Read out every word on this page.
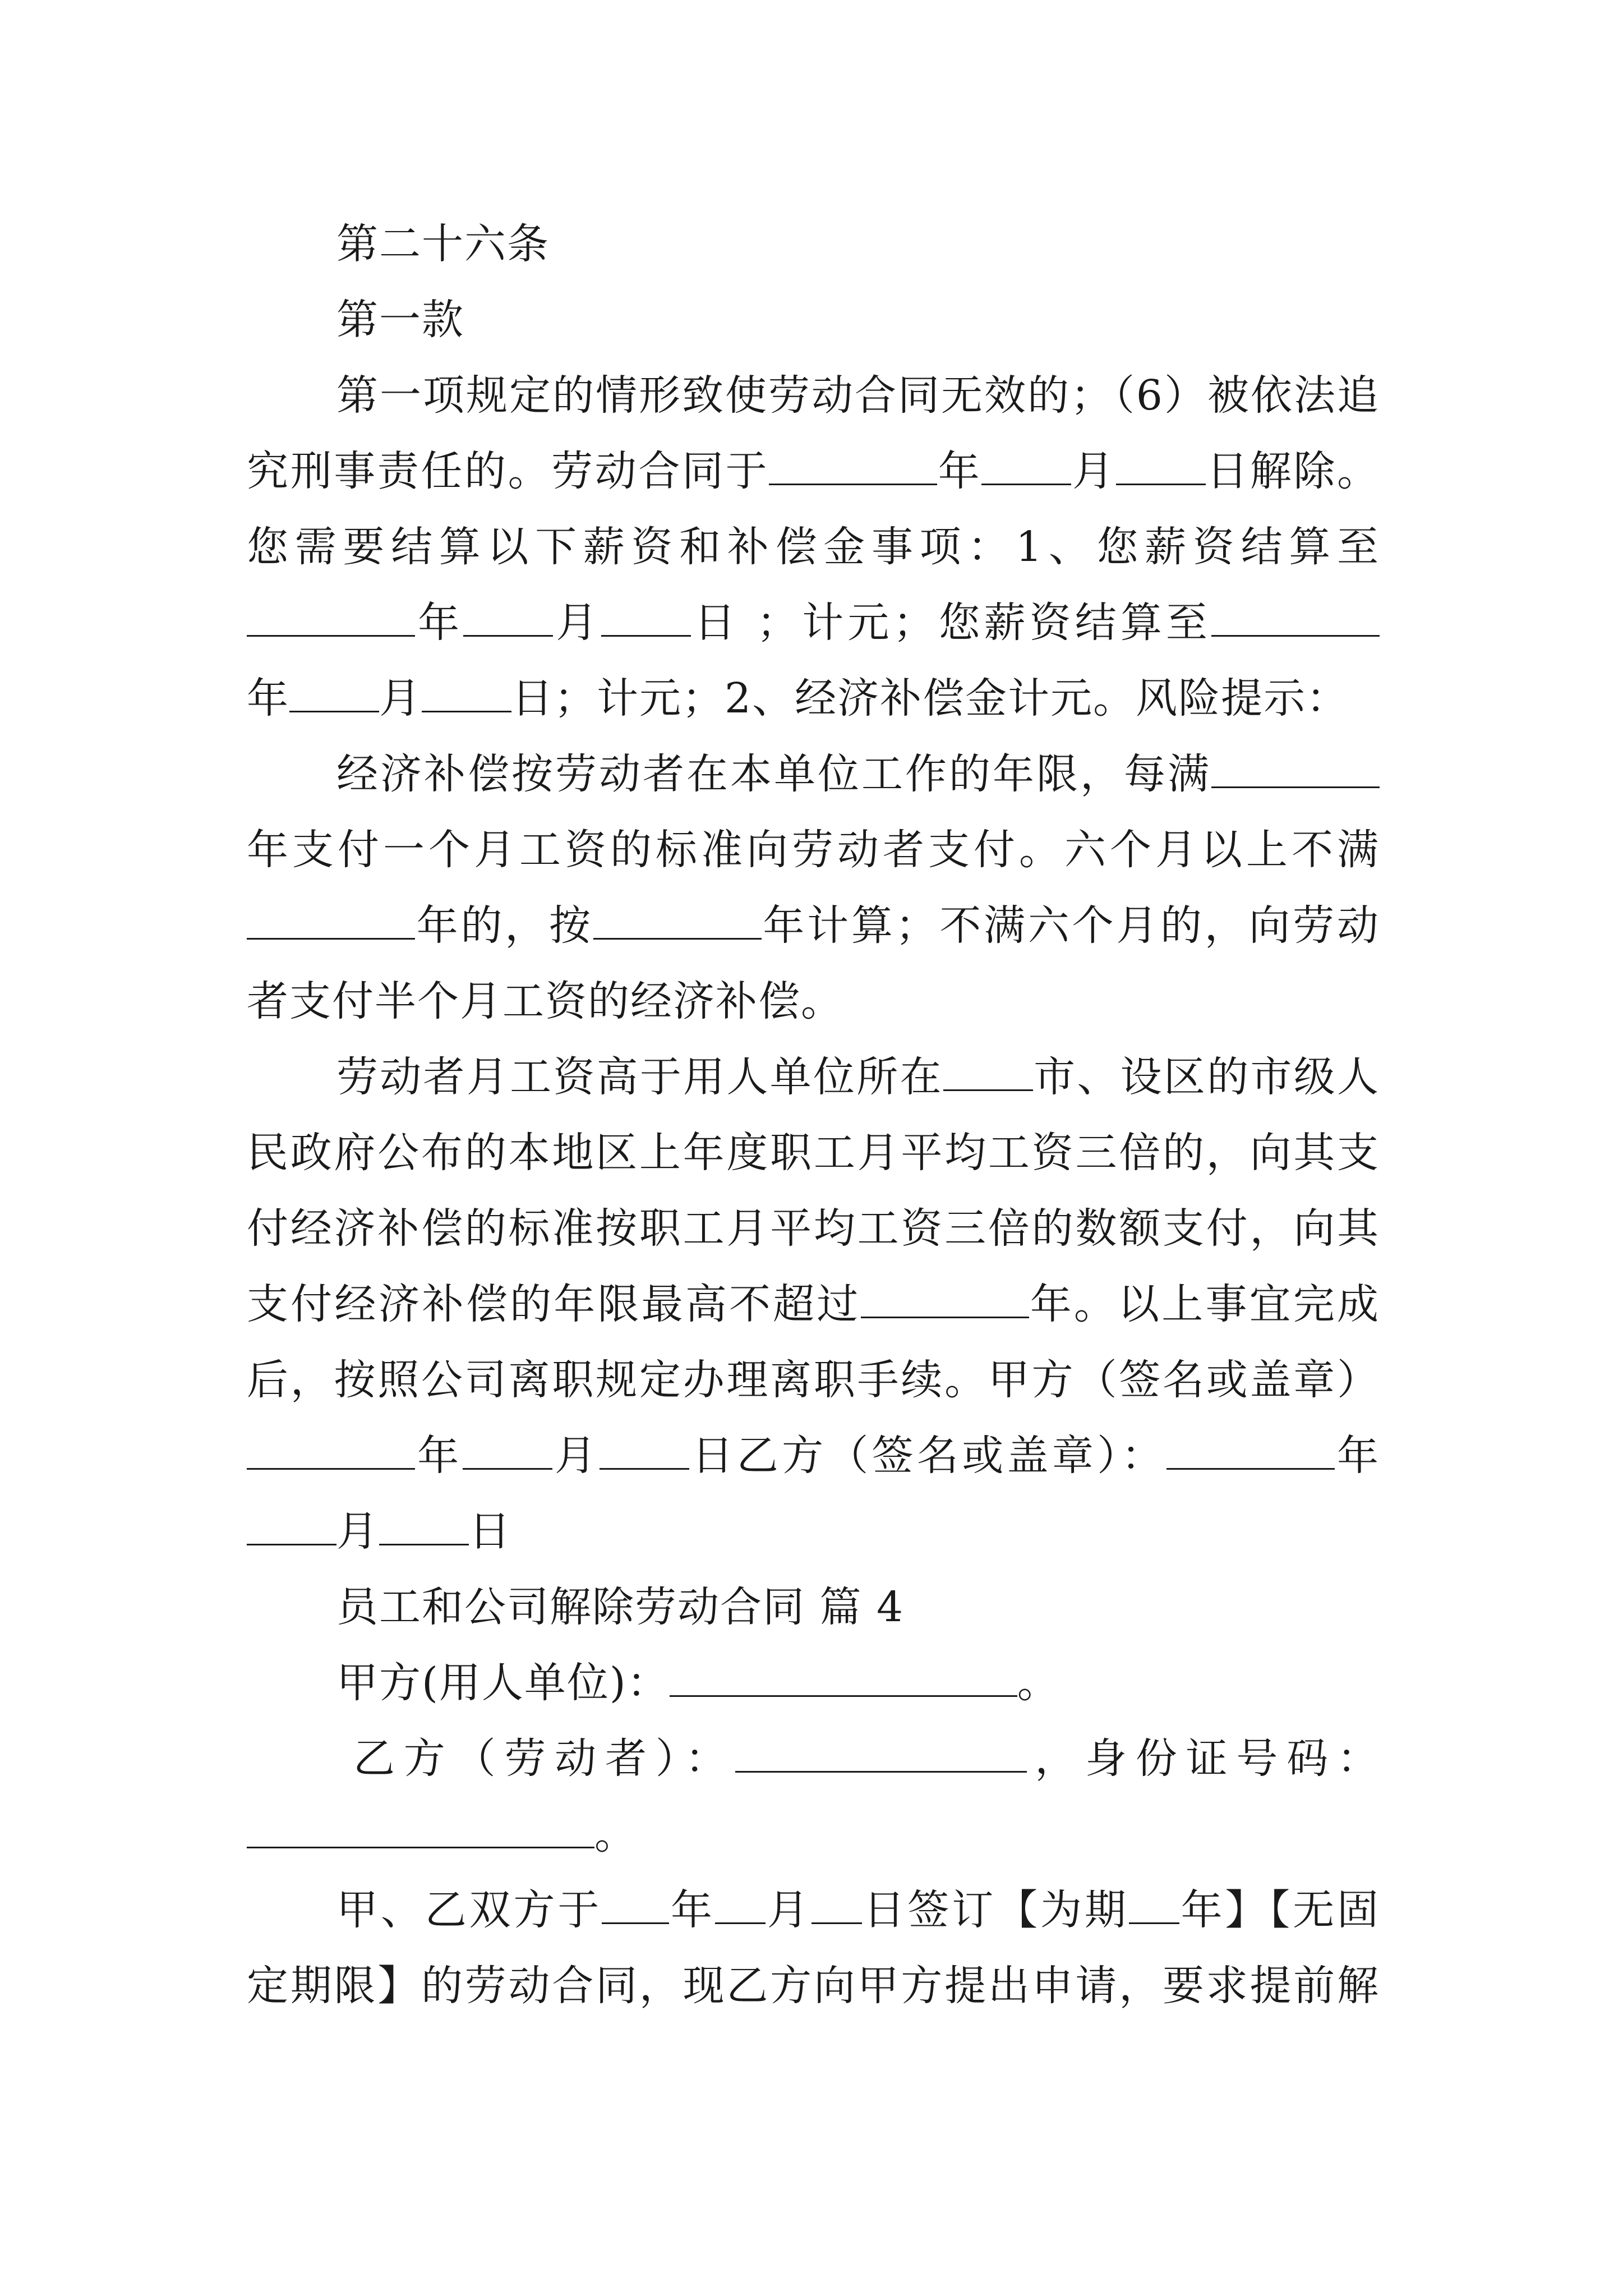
第二十六条
第一款
第一项规定的情形致使劳动合同无效的；（6）被依法追
究刑事责任的。劳动合同于	年 月 日解除。
您需要结算以下薪资和补偿金事项：1、您薪资结算至
年 月 日 ；计元；您薪资结算至
年 月 日；计元；2、经济补偿金计元。风险提示：
经济补偿按劳动者在本单位工作的年限，每满
年支付一个月工资的标准向劳动者支付。六个月以上不满
年的，按	年计算；不满六个月的，向劳动
者支付半个月工资的经济补偿。
劳动者月工资高于用人单位所在 市、设区的市级人
民政府公布的本地区上年度职工月平均工资三倍的，向其支
付经济补偿的标准按职工月平均工资三倍的数额支付，向其
支付经济补偿的年限最高不超过	年。以上事宜完成
后，按照公司离职规定办理离职手续。甲方（签名或盖章）
年 月 日乙方（签名或盖章）：	年
月 日
员工和公司解除劳动合同 篇 4
甲方(用人单位)：	。
乙方（劳动者）：	，身份证号码：
。
甲、乙双方于 年 月 日签订【为期 年】【无固
定期限】的劳动合同，现乙方向甲方提出申请，要求提前解
